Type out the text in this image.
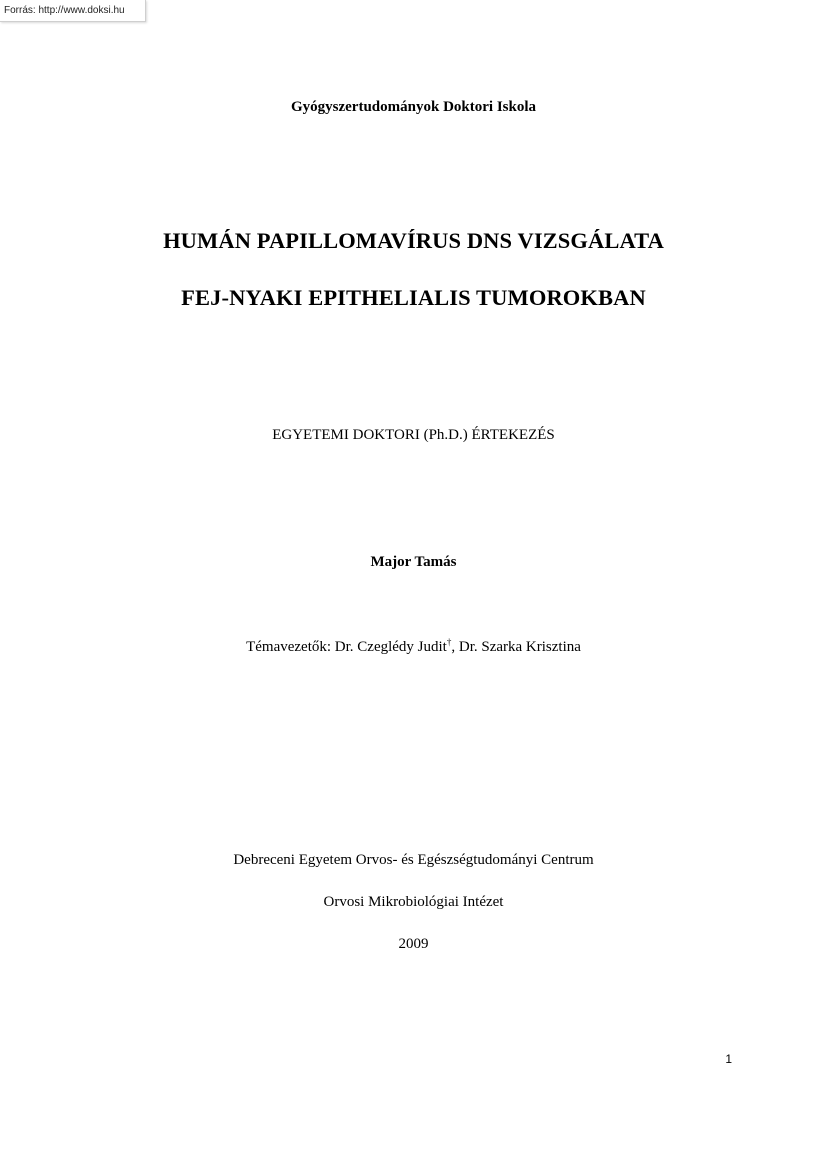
Forrás: http://www.doksi.hu
Gyógyszertudományok Doktori Iskola
HUMÁN PAPILLOMAVÍRUS DNS VIZSGÁLATA
FEJ-NYAKI EPITHELIALIS TUMOROKBAN
EGYETEMI DOKTORI (Ph.D.) ÉRTEKEZÉS
Major Tamás
Témavezetők: Dr. Czeglédy Judit†, Dr. Szarka Krisztina
Debreceni Egyetem Orvos- és Egészségtudományi Centrum
Orvosi Mikrobiológiai Intézet
2009
1
